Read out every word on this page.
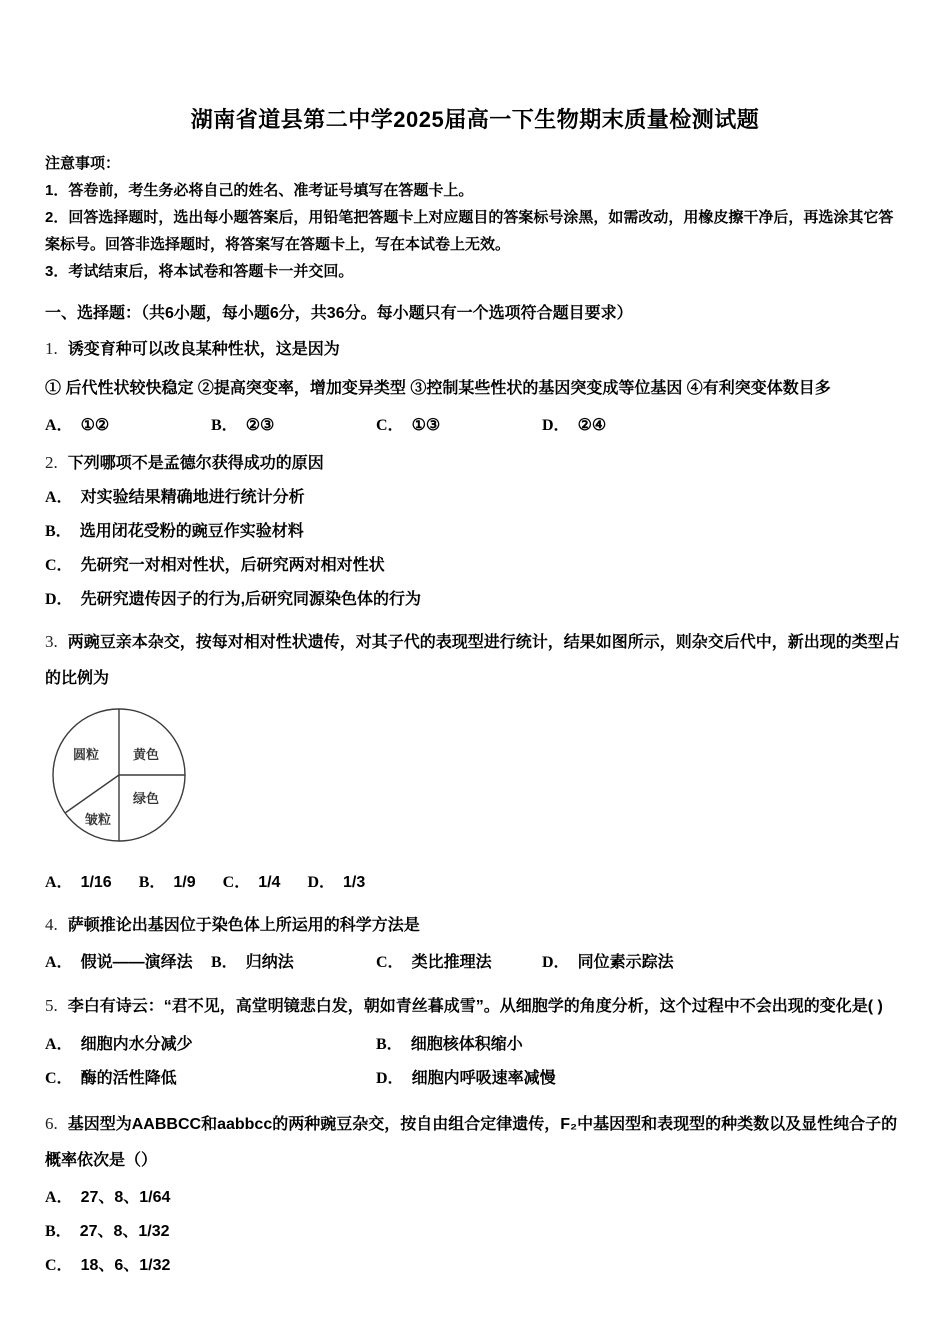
湖南省道县第二中学2025届高一下生物期末质量检测试题

注意事项：

1．答卷前，考生务必将自己的姓名、准考证号填写在答题卡上。

2．回答选择题时，选出每小题答案后，用铅笔把答题卡上对应题目的答案标号涂黑，如需改动，用橡皮擦干净后，再选涂其它答案标号。回答非选择题时，将答案写在答题卡上，写在本试卷上无效。

3．考试结束后，将本试卷和答题卡一并交回。

一、选择题：（共6小题，每小题6分，共36分。每小题只有一个选项符合题目要求）

1. 诱变育种可以改良某种性状，这是因为

① 后代性状较快稳定 ②提高突变率，增加变异类型 ③控制某些性状的基因突变成等位基因 ④有利突变体数目多

A． ①②	B． ②③	C． ①③	D． ②④

2. 下列哪项不是孟德尔获得成功的原因

A． 对实验结果精确地进行统计分析
B． 选用闭花受粉的豌豆作实验材料
C． 先研究一对相对性状，后研究两对相对性状
D． 先研究遗传因子的行为,后研究同源染色体的行为

3. 两豌豆亲本杂交，按每对相对性状遗传，对其子代的表现型进行统计，结果如图所示，则杂交后代中，新出现的类型占的比例为

圆粒	黄色
绿色
皱粒
A． 1/16 B． 1/9 C． 1/4 D． 1/3

4. 萨顿推论出基因位于染色体上所运用的科学方法是

A． 假说——演绎法	B． 归纳法	C． 类比推理法	D． 同位素示踪法

5. 李白有诗云：“君不见，高堂明镜悲白发，朝如青丝暮成雪”。从细胞学的角度分析，这个过程中不会出现的变化是( )

A． 细胞内水分减少	B． 细胞核体积缩小
C． 酶的活性降低	D． 细胞内呼吸速率减慢

6. 基因型为AABBCC和aabbcc的两种豌豆杂交，按自由组合定律遗传，F₂中基因型和表现型的种类数以及显性纯合子的概率依次是（）

A． 27、8、1/64
B． 27、8、1/32
C． 18、6、1/32
